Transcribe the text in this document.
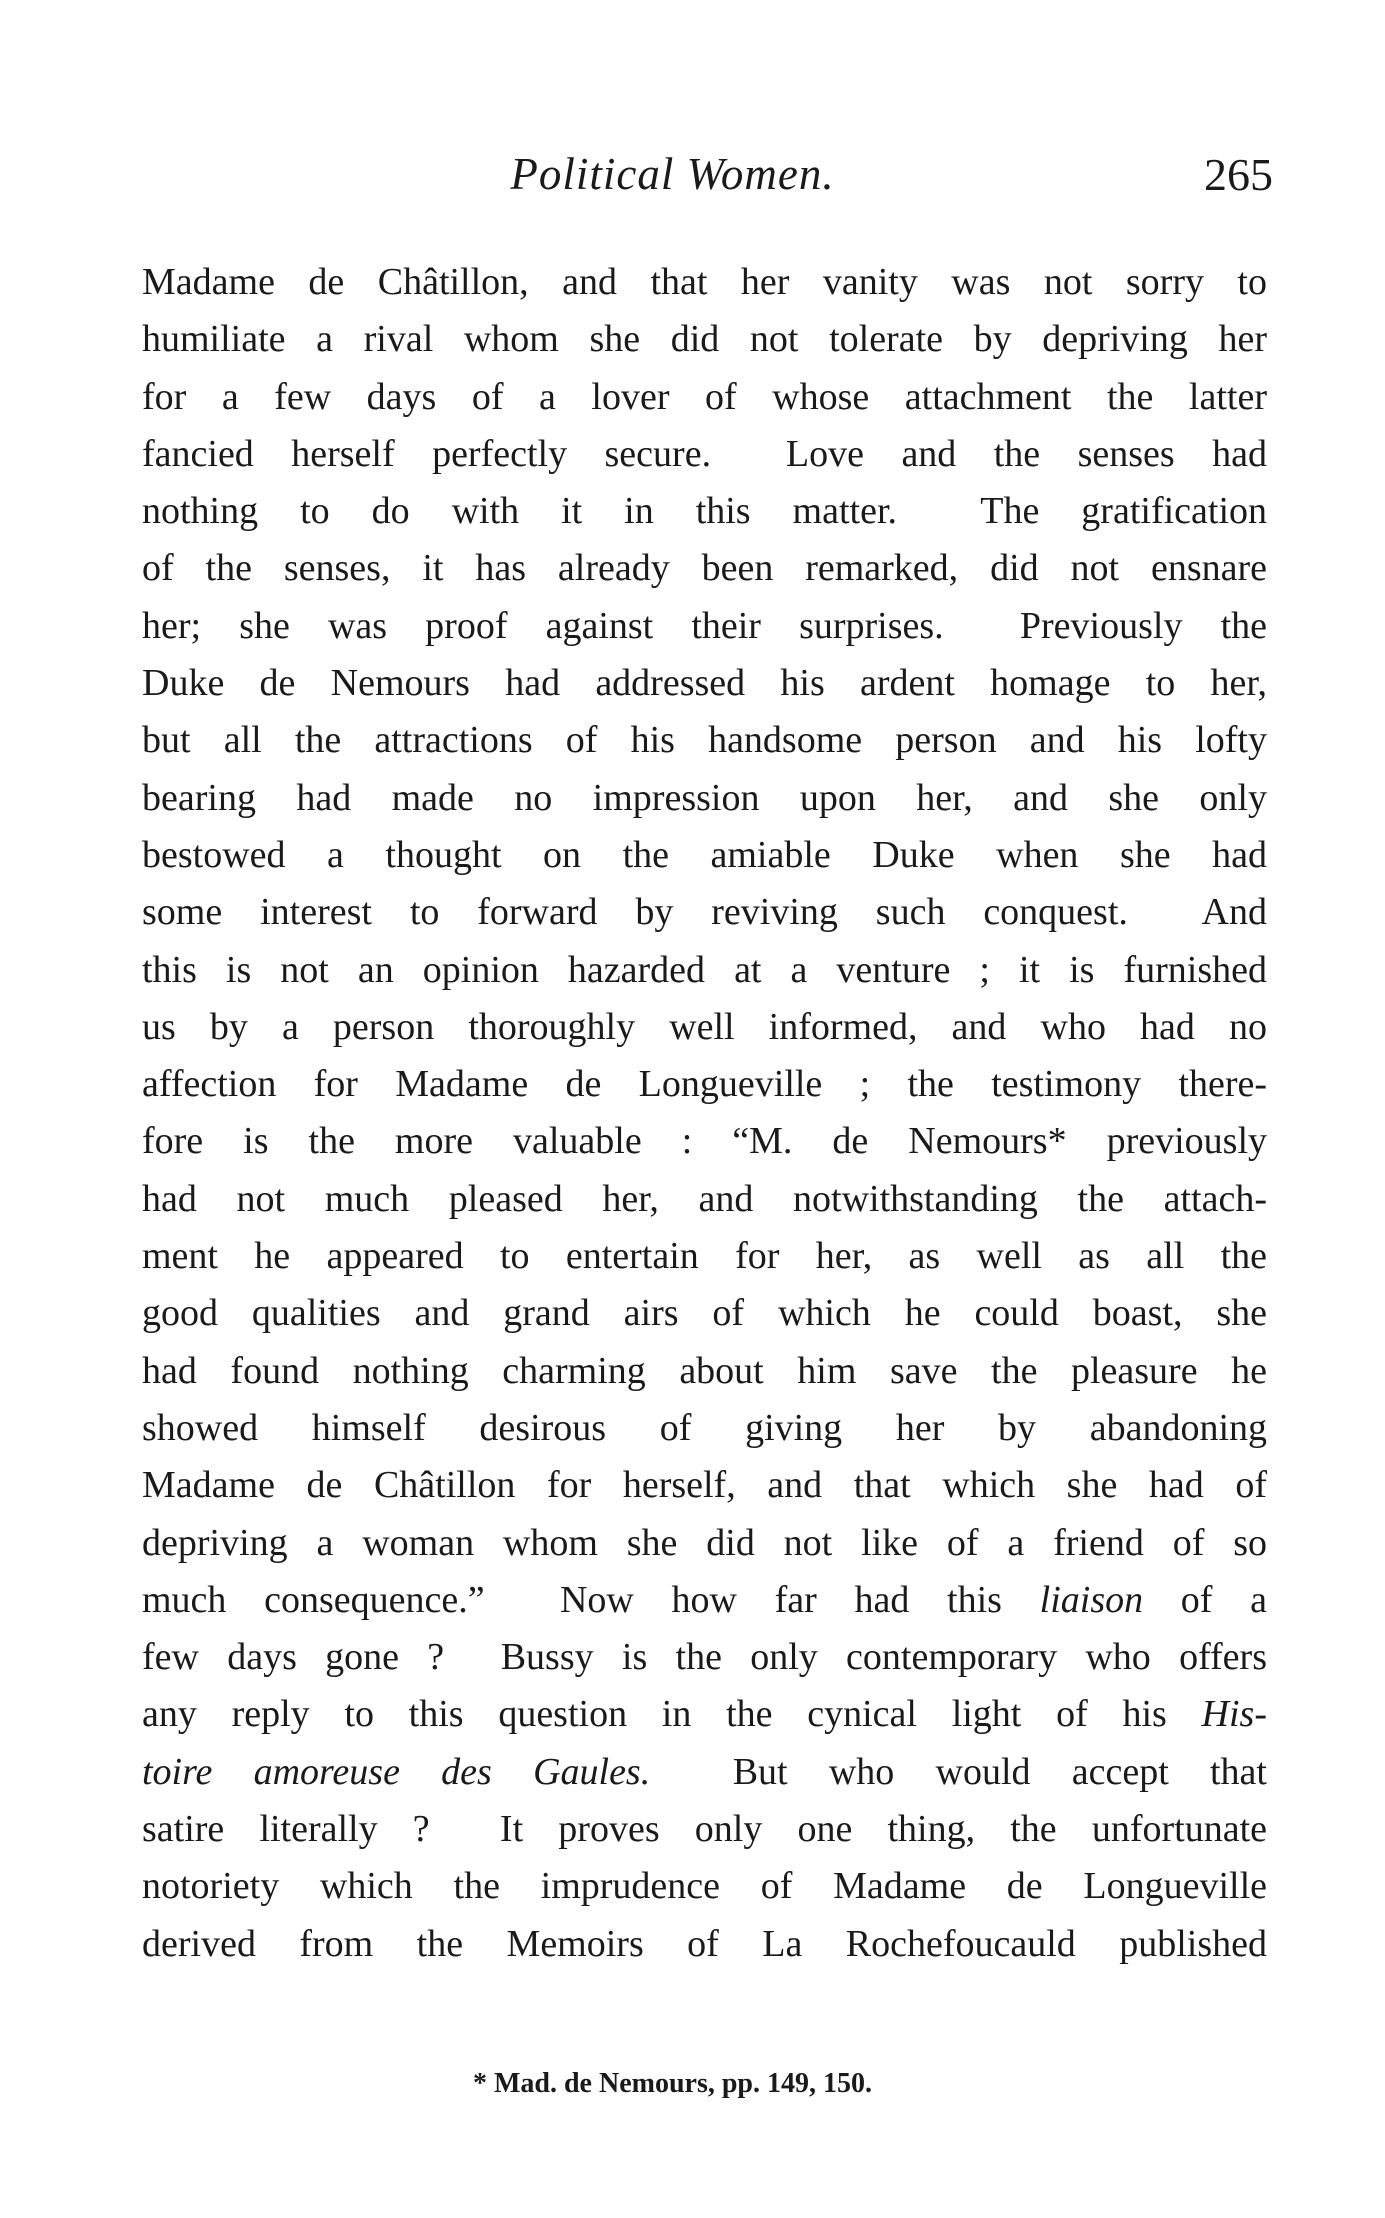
Political Women.	265
Madame de Châtillon, and that her vanity was not sorry to
humiliate a rival whom she did not tolerate by depriving her
for a few days of a lover of whose attachment the latter
fancied herself perfectly secure.  Love and the senses had
nothing to do with it in this matter.  The gratification
of the senses, it has already been remarked, did not ensnare
her; she was proof against their surprises.  Previously the
Duke de Nemours had addressed his ardent homage to her,
but all the attractions of his handsome person and his lofty
bearing had made no impression upon her, and she only
bestowed a thought on the amiable Duke when she had
some interest to forward by reviving such conquest.  And
this is not an opinion hazarded at a venture ; it is furnished
us by a person thoroughly well informed, and who had no
affection for Madame de Longueville ; the testimony there-
fore is the more valuable : “M. de Nemours* previously
had not much pleased her, and notwithstanding the attach-
ment he appeared to entertain for her, as well as all the
good qualities and grand airs of which he could boast, she
had found nothing charming about him save the pleasure he
showed himself desirous of giving her by abandoning
Madame de Châtillon for herself, and that which she had of
depriving a woman whom she did not like of a friend of so
much consequence.”  Now how far had this liaison of a
few days gone ?  Bussy is the only contemporary who offers
any reply to this question in the cynical light of his His-
toire amoreuse des Gaules.  But who would accept that
satire literally ?  It proves only one thing, the unfortunate
notoriety which the imprudence of Madame de Longueville
derived from the Memoirs of La Rochefoucauld published
* Mad. de Nemours, pp. 149, 150.
